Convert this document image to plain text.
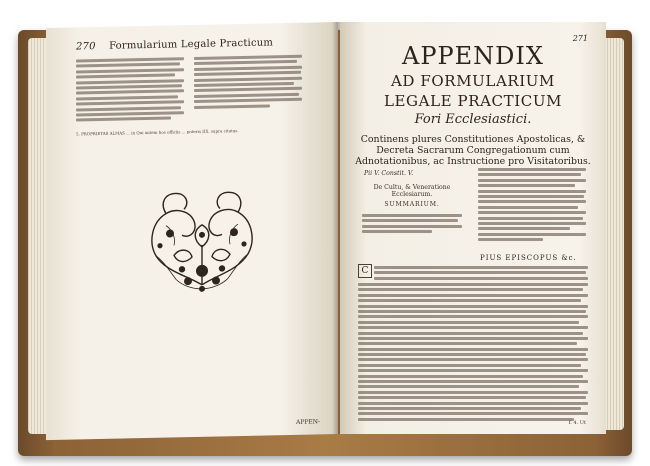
270 Formularium Legale Practicum
5. PROPRIETAS ALMAS ... in Qui autem hos officiis ... poteris IIX. supra citatus.
APPEN-
271
APPENDIX
AD FORMULARIUM
LEGALE PRACTICUM
Fori Ecclesiastici.
Continens plures Constitutiones Apostolicas, & Decreta Sacrarum Congregationum cum Adnotationibus, ac Instructione pro Visitatoribus.
Pii V. Constit. V.
De Cultu, & Veneratione
Ecclesiarum.
SUMMARIUM.
PIUS EPISCOPUS &c.
C
f. 4. Ut
